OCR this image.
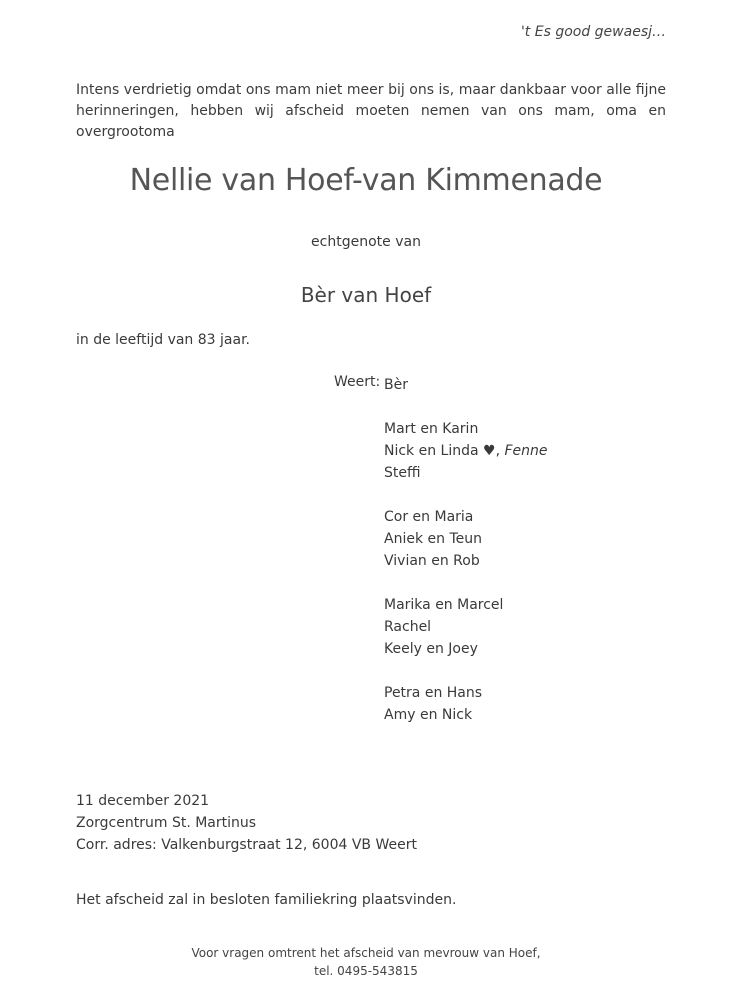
't Es good gewaesj…
Intens verdrietig omdat ons mam niet meer bij ons is, maar dankbaar voor alle fijne herinneringen, hebben wij afscheid moeten nemen van ons mam, oma en overgrootoma
Nellie van Hoef-van Kimmenade
echtgenote van
Bèr van Hoef
in de leeftijd van 83 jaar.
Weert: Bèr
Mart en Karin
Nick en Linda ♥, Fenne
Steffi
Cor en Maria
Aniek en Teun
Vivian en Rob
Marika en Marcel
Rachel
Keely en Joey
Petra en Hans
Amy en Nick
11 december 2021
Zorgcentrum St. Martinus
Corr. adres: Valkenburgstraat 12, 6004 VB Weert
Het afscheid zal in besloten familiekring plaatsvinden.
Voor vragen omtrent het afscheid van mevrouw van Hoef,
tel. 0495-543815
